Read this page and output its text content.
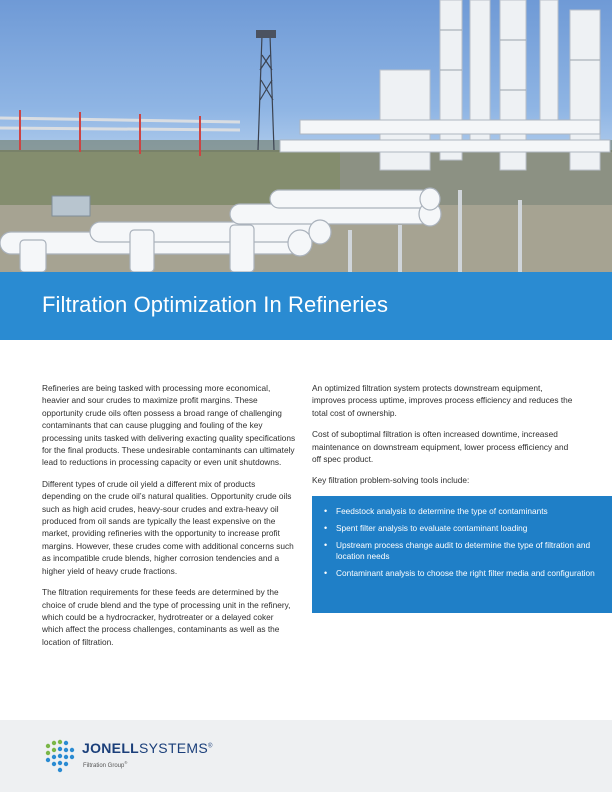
Filtration Optimization In Refineries

Refineries are being tasked with processing more economical, heavier and sour crudes to maximize profit margins. These opportunity crude oils often possess a broad range of challenging contaminants that can cause plugging and fouling of the key processing units tasked with delivering exacting quality specifications for the final products. These undesirable contaminants can ultimately lead to reductions in processing capacity or even unit shutdowns.

Different types of crude oil yield a different mix of products depending on the crude oil’s natural qualities. Opportunity crude oils such as high acid crudes, heavy-sour crudes and extra-heavy oil produced from oil sands are typically the least expensive on the market, providing refineries with the opportunity to increase profit margins. However, these crudes come with additional concerns such as incompatible crude blends, higher corrosion tendencies and a higher yield of heavy crude fractions.

The filtration requirements for these feeds are determined by the choice of crude blend and the type of processing unit in the refinery, which could be a hydrocracker, hydrotreater or a delayed coker which affect the process challenges, contaminants as well as the location of filtration.

An optimized filtration system protects downstream equipment, improves process uptime, improves process efficiency and reduces the total cost of ownership.

Cost of suboptimal filtration is often increased downtime, increased maintenance on downstream equipment, lower process efficiency and off spec product.

Key filtration problem-solving tools include:

•	Feedstock analysis to determine the type of contaminants
•	Spent filter analysis to evaluate contaminant loading
•	Upstream process change audit to determine the type of filtration and location needs
•	Contaminant analysis to choose the right filter media and configuration
JONELLSYSTEMS®
Filtration Group®
